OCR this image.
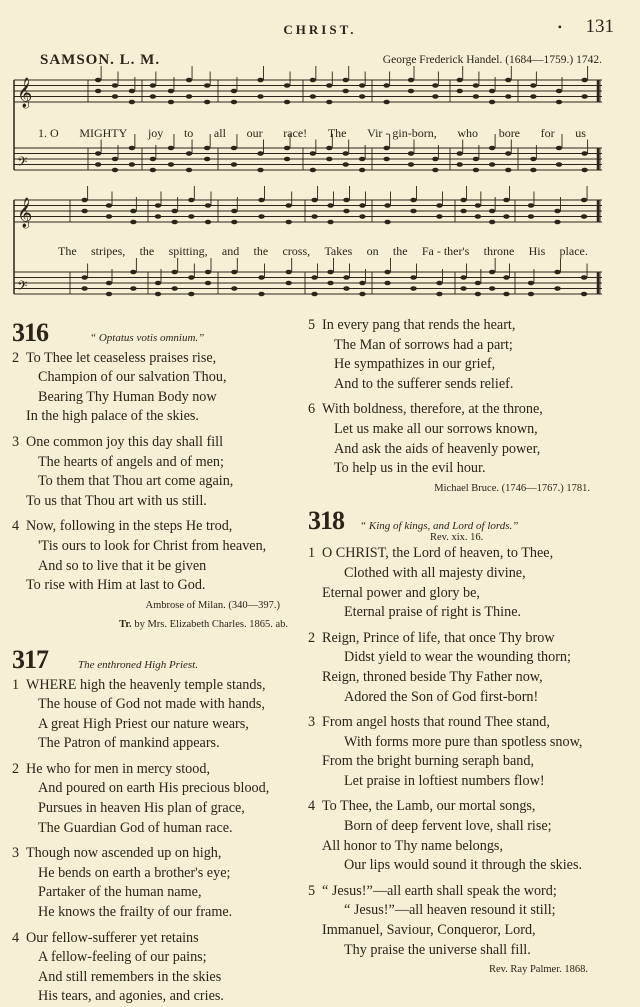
CHRIST.	• 131
SAMSON. L. M.	George Frederick Handel. (1684—1759.) 1742.
𝄞
𝄢
𝄞
𝄢
1. O MIGHTY joy to all our race! The Vir - gin-born, who bore for us
The stripes, the spitting, and the cross, Takes on the Fa - ther's throne His place.
316	“ Optatus votis omnium.”
2 To Thee let ceaseless praises rise,
Champion of our salvation Thou,
Bearing Thy Human Body now
In the high palace of the skies.
3 One common joy this day shall fill
The hearts of angels and of men;
To them that Thou art come again,
To us that Thou art with us still.
4 Now, following in the steps He trod,
'Tis ours to look for Christ from heaven,
And so to live that it be given
To rise with Him at last to God.
Ambrose of Milan. (340—397.)
Tr. by Mrs. Elizabeth Charles. 1865. ab.
317	The enthroned High Priest.
1 WHERE high the heavenly temple stands,
The house of God not made with hands,
A great High Priest our nature wears,
The Patron of mankind appears.
2 He who for men in mercy stood,
And poured on earth His precious blood,
Pursues in heaven His plan of grace,
The Guardian God of human race.
3 Though now ascended up on high,
He bends on earth a brother's eye;
Partaker of the human name,
He knows the frailty of our frame.
4 Our fellow-sufferer yet retains
A fellow-feeling of our pains;
And still remembers in the skies
His tears, and agonies, and cries.
5 In every pang that rends the heart,
The Man of sorrows had a part;
He sympathizes in our grief,
And to the sufferer sends relief.
6 With boldness, therefore, at the throne,
Let us make all our sorrows known,
And ask the aids of heavenly power,
To help us in the evil hour.
Michael Bruce. (1746—1767.) 1781.
318 “ King of kings, and Lord of lords.”
Rev. xix. 16.
1 O CHRIST, the Lord of heaven, to Thee,
Clothed with all majesty divine,
Eternal power and glory be,
Eternal praise of right is Thine.
2 Reign, Prince of life, that once Thy brow
Didst yield to wear the wounding thorn;
Reign, throned beside Thy Father now,
Adored the Son of God first-born!
3 From angel hosts that round Thee stand,
With forms more pure than spotless snow,
From the bright burning seraph band,
Let praise in loftiest numbers flow!
4 To Thee, the Lamb, our mortal songs,
Born of deep fervent love, shall rise;
All honor to Thy name belongs,
Our lips would sound it through the skies.
5 “ Jesus!”—all earth shall speak the word;
“ Jesus!”—all heaven resound it still;
Immanuel, Saviour, Conqueror, Lord,
Thy praise the universe shall fill.
Rev. Ray Palmer. 1868.
